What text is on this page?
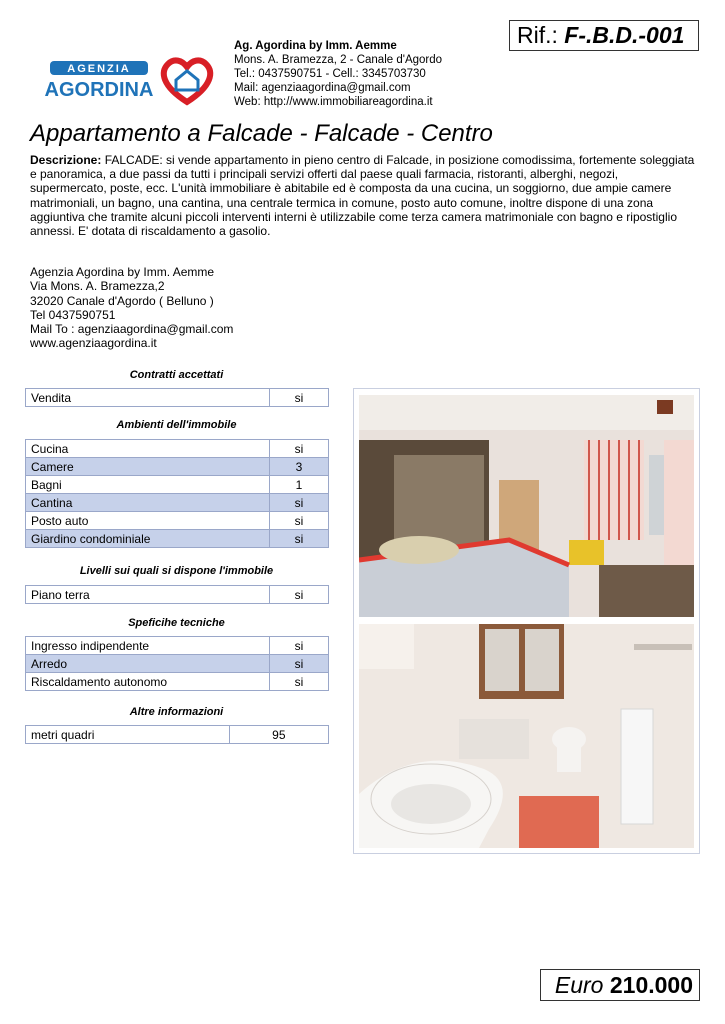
AGENZIA
AGORDINA
Ag. Agordina by Imm. Aemme
Mons. A. Bramezza, 2 - Canale d'Agordo
Tel.: 0437590751 - Cell.: 3345703730
Mail: agenziaagordina@gmail.com
Web: http://www.immobiliareagordina.it
Rif.: F-.B.D.-001
Appartamento a Falcade - Falcade - Centro
Descrizione: FALCADE: si vende appartamento in pieno centro di Falcade, in posizione comodissima, fortemente soleggiata e panoramica, a due passi da tutti i principali servizi offerti dal paese quali farmacia, ristoranti, alberghi, negozi, supermercato, poste, ecc. L'unità immobiliare è abitabile ed è composta da una cucina, un soggiorno, due ampie camere matrimoniali, un bagno, una cantina, una centrale termica in comune, posto auto comune, inoltre dispone di una zona aggiuntiva che tramite alcuni piccoli interventi interni è utilizzabile come terza camera matrimoniale con bagno e ripostiglio annessi. E' dotata di riscaldamento a gasolio.
Agenzia Agordina by Imm. Aemme
Via Mons. A. Bramezza,2
32020 Canale d'Agordo ( Belluno )
Tel 0437590751
Mail To : agenziaagordina@gmail.com
www.agenziaagordina.it
Contratti accettati
Vendita	si
Ambienti dell'immobile
Cucina	si
Camere	3
Bagni	1
Cantina	si
Posto auto	si
Giardino condominiale	si
Livelli sui quali si dispone l'immobile
Piano terra	si
Speficihe tecniche
Ingresso indipendente	si
Arredo	si
Riscaldamento autonomo	si
Altre informazioni
metri quadri	95
Euro 210.000
